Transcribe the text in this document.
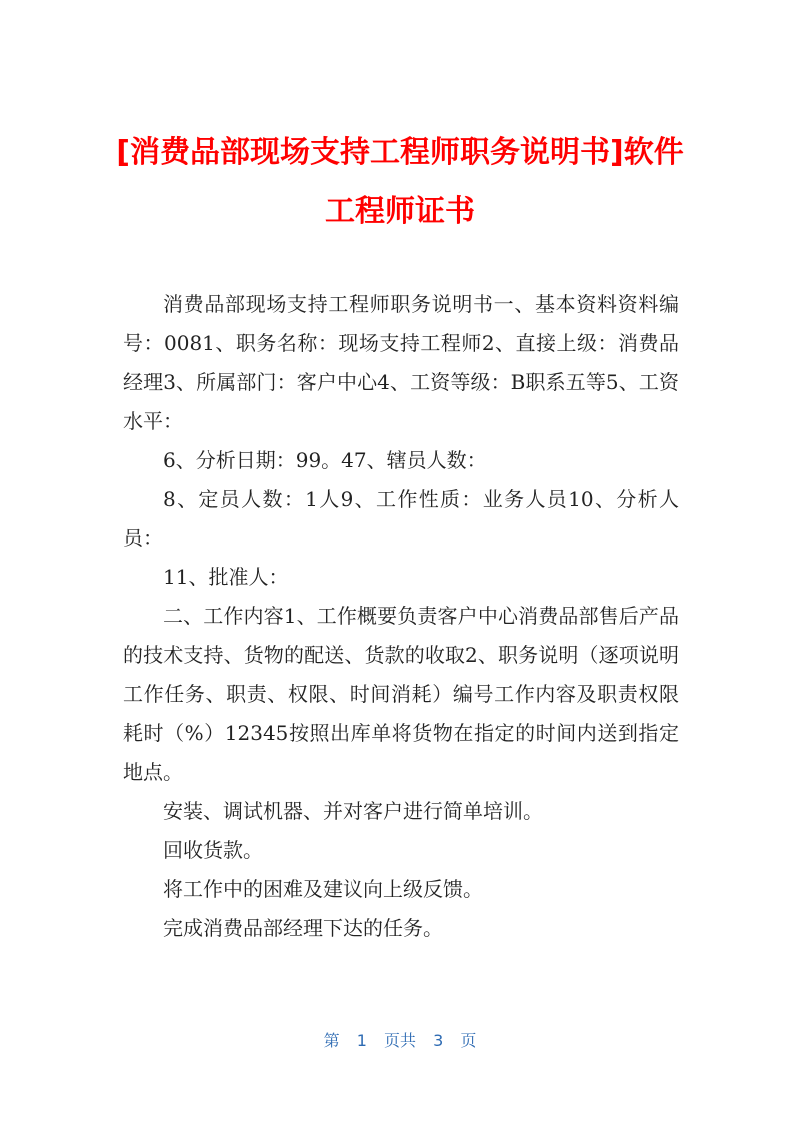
[消费品部现场支持工程师职务说明书]软件
工程师证书

消费品部现场支持工程师职务说明书一、基本资料资料编号：0081、职务名称：现场支持工程师2、直接上级：消费品经理3、所属部门：客户中心4、工资等级：B职系五等5、工资水平：

6、分析日期：99。47、辖员人数：

8、定员人数：1人9、工作性质：业务人员10、分析人员：

11、批准人：

二、工作内容1、工作概要负责客户中心消费品部售后产品的技术支持、货物的配送、货款的收取2、职务说明（逐项说明工作任务、职责、权限、时间消耗）编号工作内容及职责权限耗时（%）12345按照出库单将货物在指定的时间内送到指定地点。

安装、调试机器、并对客户进行简单培训。

回收货款。

将工作中的困难及建议向上级反馈。

完成消费品部经理下达的任务。

第 1 页共 3 页
